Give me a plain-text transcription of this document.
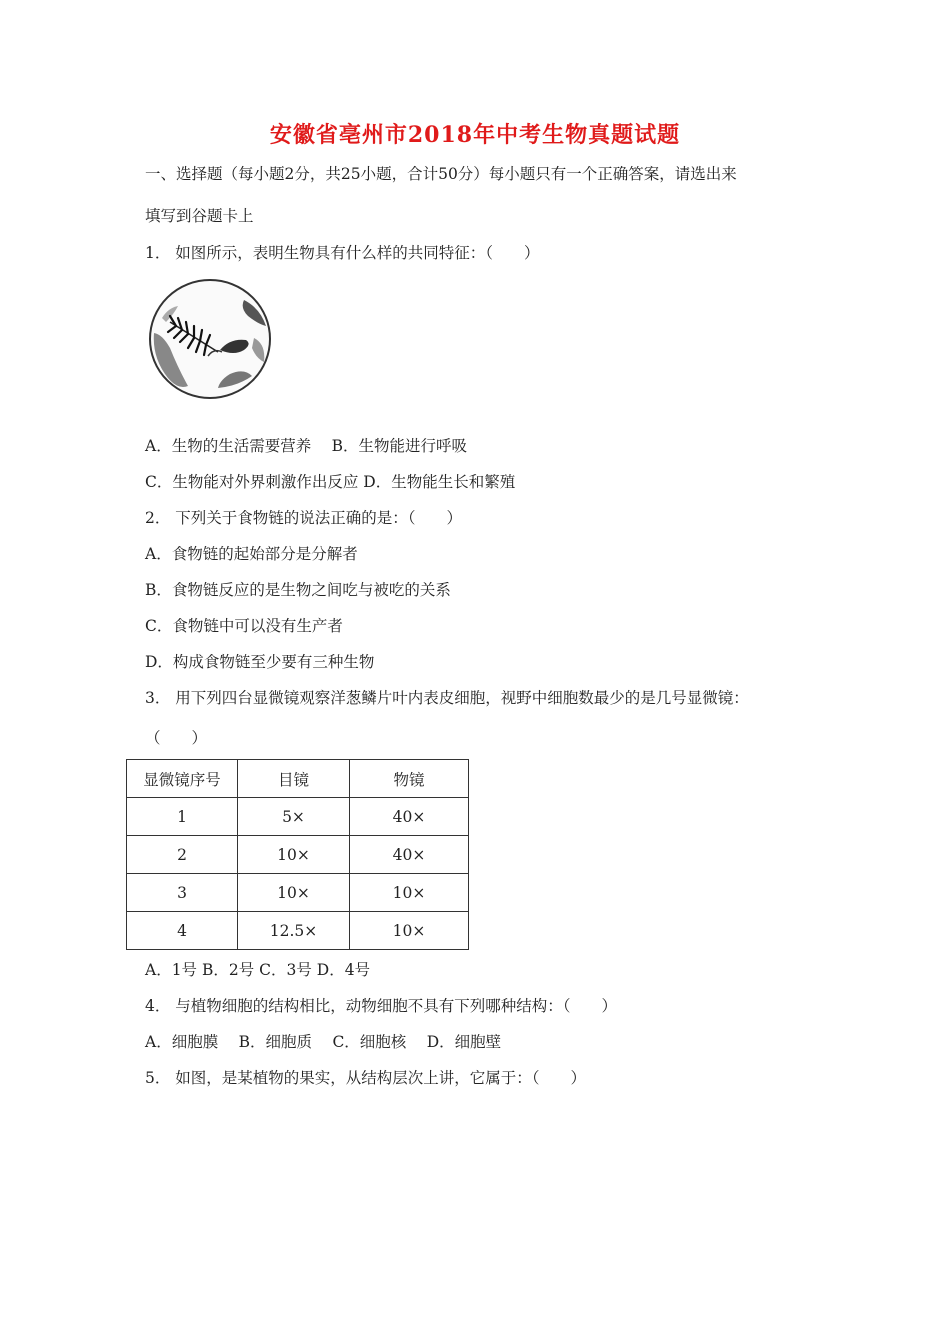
安徽省亳州市2018年中考生物真题试题
一、选择题（每小题2分，共25小题，合计50分）每小题只有一个正确答案，请选出来
填写到谷题卡上
1． 如图所示，表明生物具有什么样的共同特征：（　　）
A．生物的生活需要营养　 B．生物能进行呼吸
C．生物能对外界刺激作出反应 D．生物能生长和繁殖
2． 下列关于食物链的说法正确的是：（　　）
A．食物链的起始部分是分解者
B．食物链反应的是生物之间吃与被吃的关系
C．食物链中可以没有生产者
D．构成食物链至少要有三种生物
3． 用下列四台显微镜观察洋葱鳞片叶内表皮细胞，视野中细胞数最少的是几号显微镜：
（　　）
显微镜序号	目镜	物镜
1	5×	40×
2	10×	40×
3	10×	10×
4	12.5×	10×
A．1号 B．2号 C．3号 D．4号
4． 与植物细胞的结构相比，动物细胞不具有下列哪种结构：（　　）
A．细胞膜　 B．细胞质　 C．细胞核　 D．细胞壁
5． 如图，是某植物的果实，从结构层次上讲，它属于：（　　）
